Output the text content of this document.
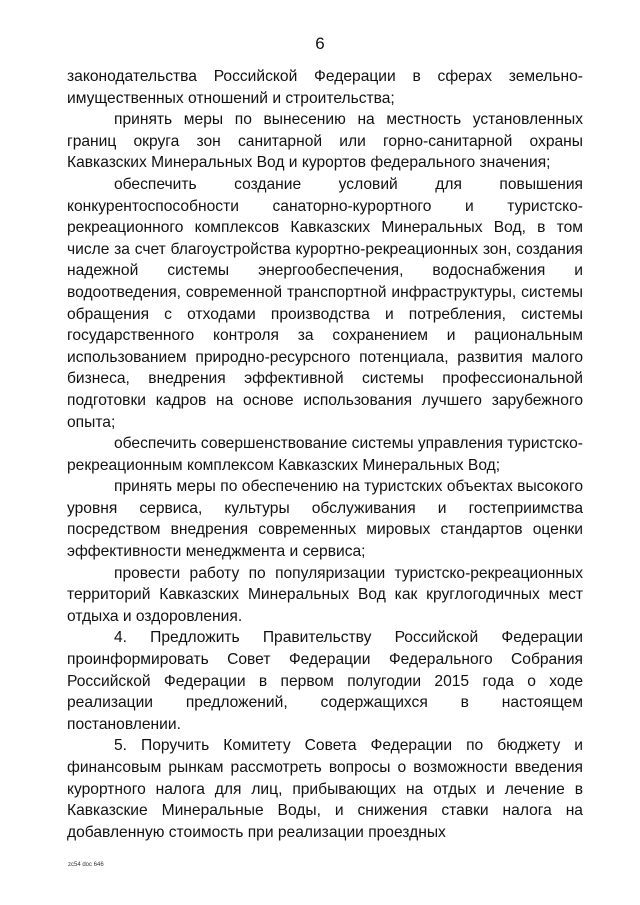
6

законодательства Российской Федерации в сферах земельно-имущественных отношений и строительства;

принять меры по вынесению на местность установленных границ округа зон санитарной или горно-санитарной охраны Кавказских Минеральных Вод и курортов федерального значения;

обеспечить создание условий для повышения конкурентоспособности санаторно-курортного и туристско-рекреационного комплексов Кавказских Минеральных Вод, в том числе за счет благоустройства курортно-рекреационных зон, создания надежной системы энергообеспечения, водоснабжения и водоотведения, современной транспортной инфраструктуры, системы обращения с отходами производства и потребления, системы государственного контроля за сохранением и рациональным использованием природно-ресурсного потенциала, развития малого бизнеса, внедрения эффективной системы профессиональной подготовки кадров на основе использования лучшего зарубежного опыта;

обеспечить совершенствование системы управления туристско-рекреационным комплексом Кавказских Минеральных Вод;

принять меры по обеспечению на туристских объектах высокого уровня сервиса, культуры обслуживания и гостеприимства посредством внедрения современных мировых стандартов оценки эффективности менеджмента и сервиса;

провести работу по популяризации туристско-рекреационных территорий Кавказских Минеральных Вод как круглогодичных мест отдыха и оздоровления.

4. Предложить Правительству Российской Федерации проинформировать Совет Федерации Федерального Собрания Российской Федерации в первом полугодии 2015 года о ходе реализации предложений, содержащихся в настоящем постановлении.

5. Поручить Комитету Совета Федерации по бюджету и финансовым рынкам рассмотреть вопросы о возможности введения курортного налога для лиц, прибывающих на отдых и лечение в Кавказские Минеральные Воды, и снижения ставки налога на добавленную стоимость при реализации проездных

zc54 doc 646
